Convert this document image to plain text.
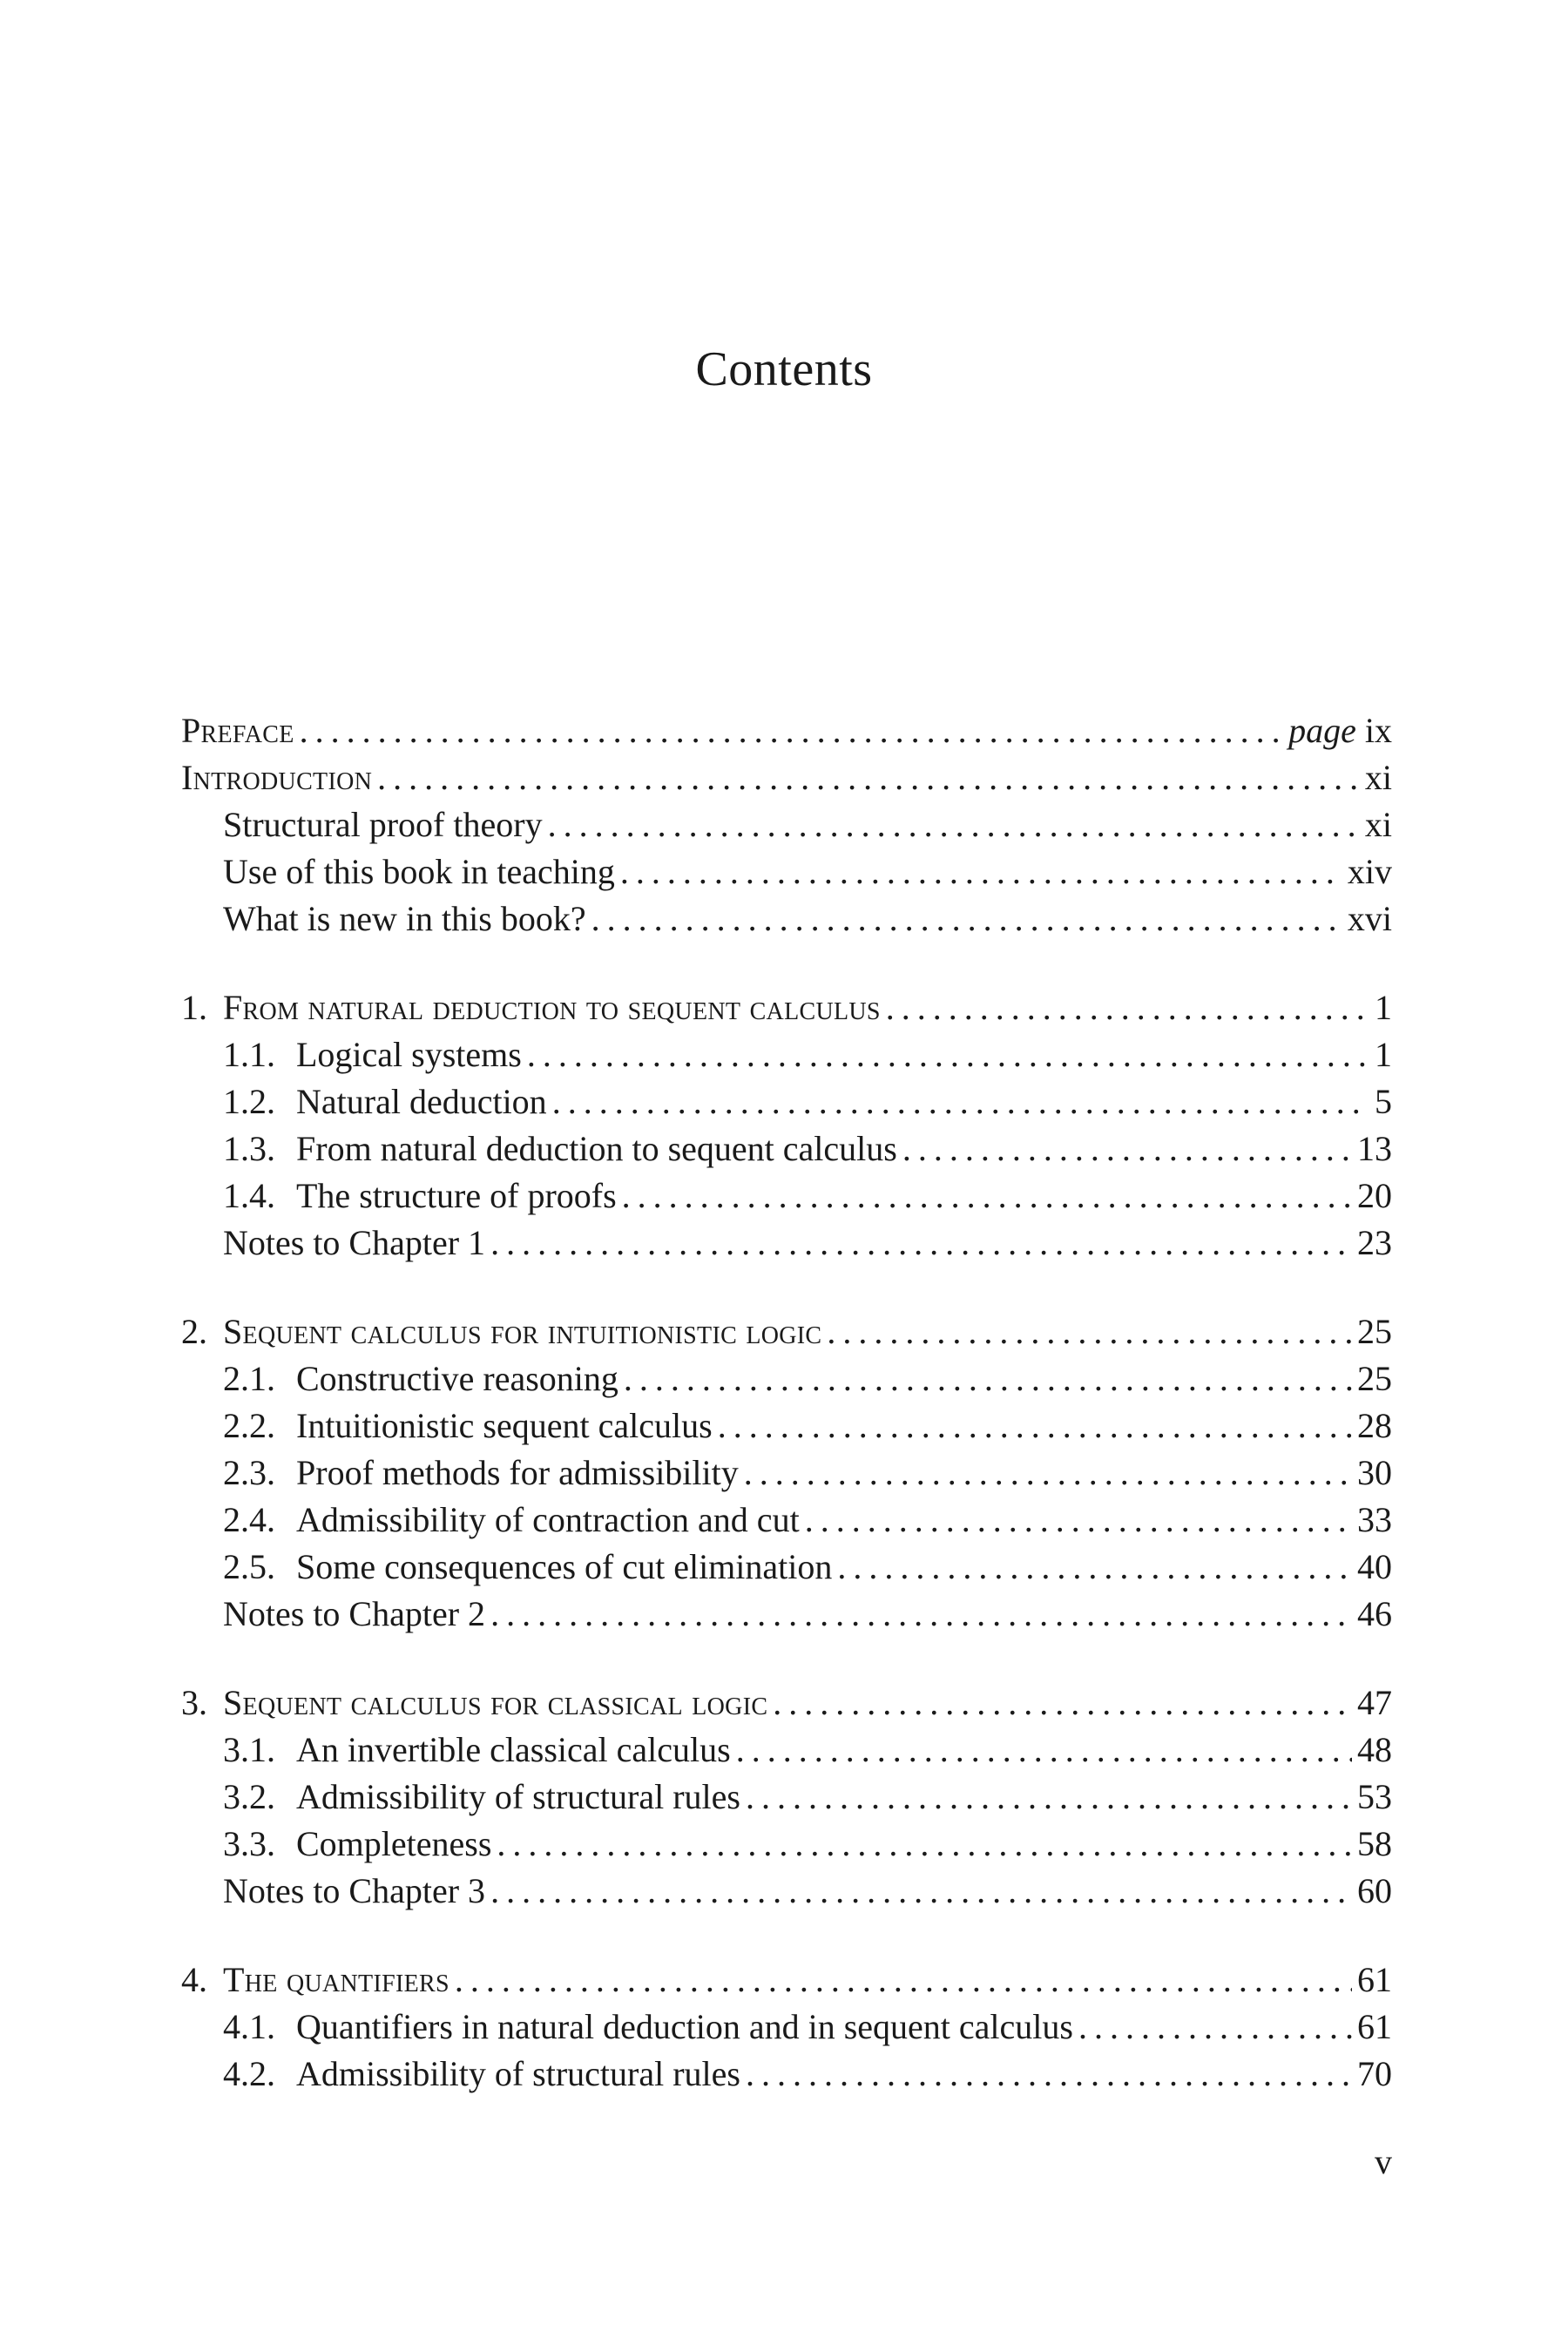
Contents
Preface . . .	page ix
Introduction . . .	xi
Structural proof theory . . .	xi
Use of this book in teaching . . .	xiv
What is new in this book? . . .	xvi
1. From natural deduction to sequent calculus . . .	1
1.1. Logical systems . . .	1
1.2. Natural deduction . . .	5
1.3. From natural deduction to sequent calculus . . .	13
1.4. The structure of proofs . . .	20
Notes to Chapter 1 . . .	23
2. Sequent calculus for intuitionistic logic . . .	25
2.1. Constructive reasoning . . .	25
2.2. Intuitionistic sequent calculus . . .	28
2.3. Proof methods for admissibility . . .	30
2.4. Admissibility of contraction and cut . . .	33
2.5. Some consequences of cut elimination . . .	40
Notes to Chapter 2 . . .	46
3. Sequent calculus for classical logic . . .	47
3.1. An invertible classical calculus . . .	48
3.2. Admissibility of structural rules . . .	53
3.3. Completeness . . .	58
Notes to Chapter 3 . . .	60
4. The quantifiers . . .	61
4.1. Quantifiers in natural deduction and in sequent calculus . . .	61
4.2. Admissibility of structural rules . . .	70
v
